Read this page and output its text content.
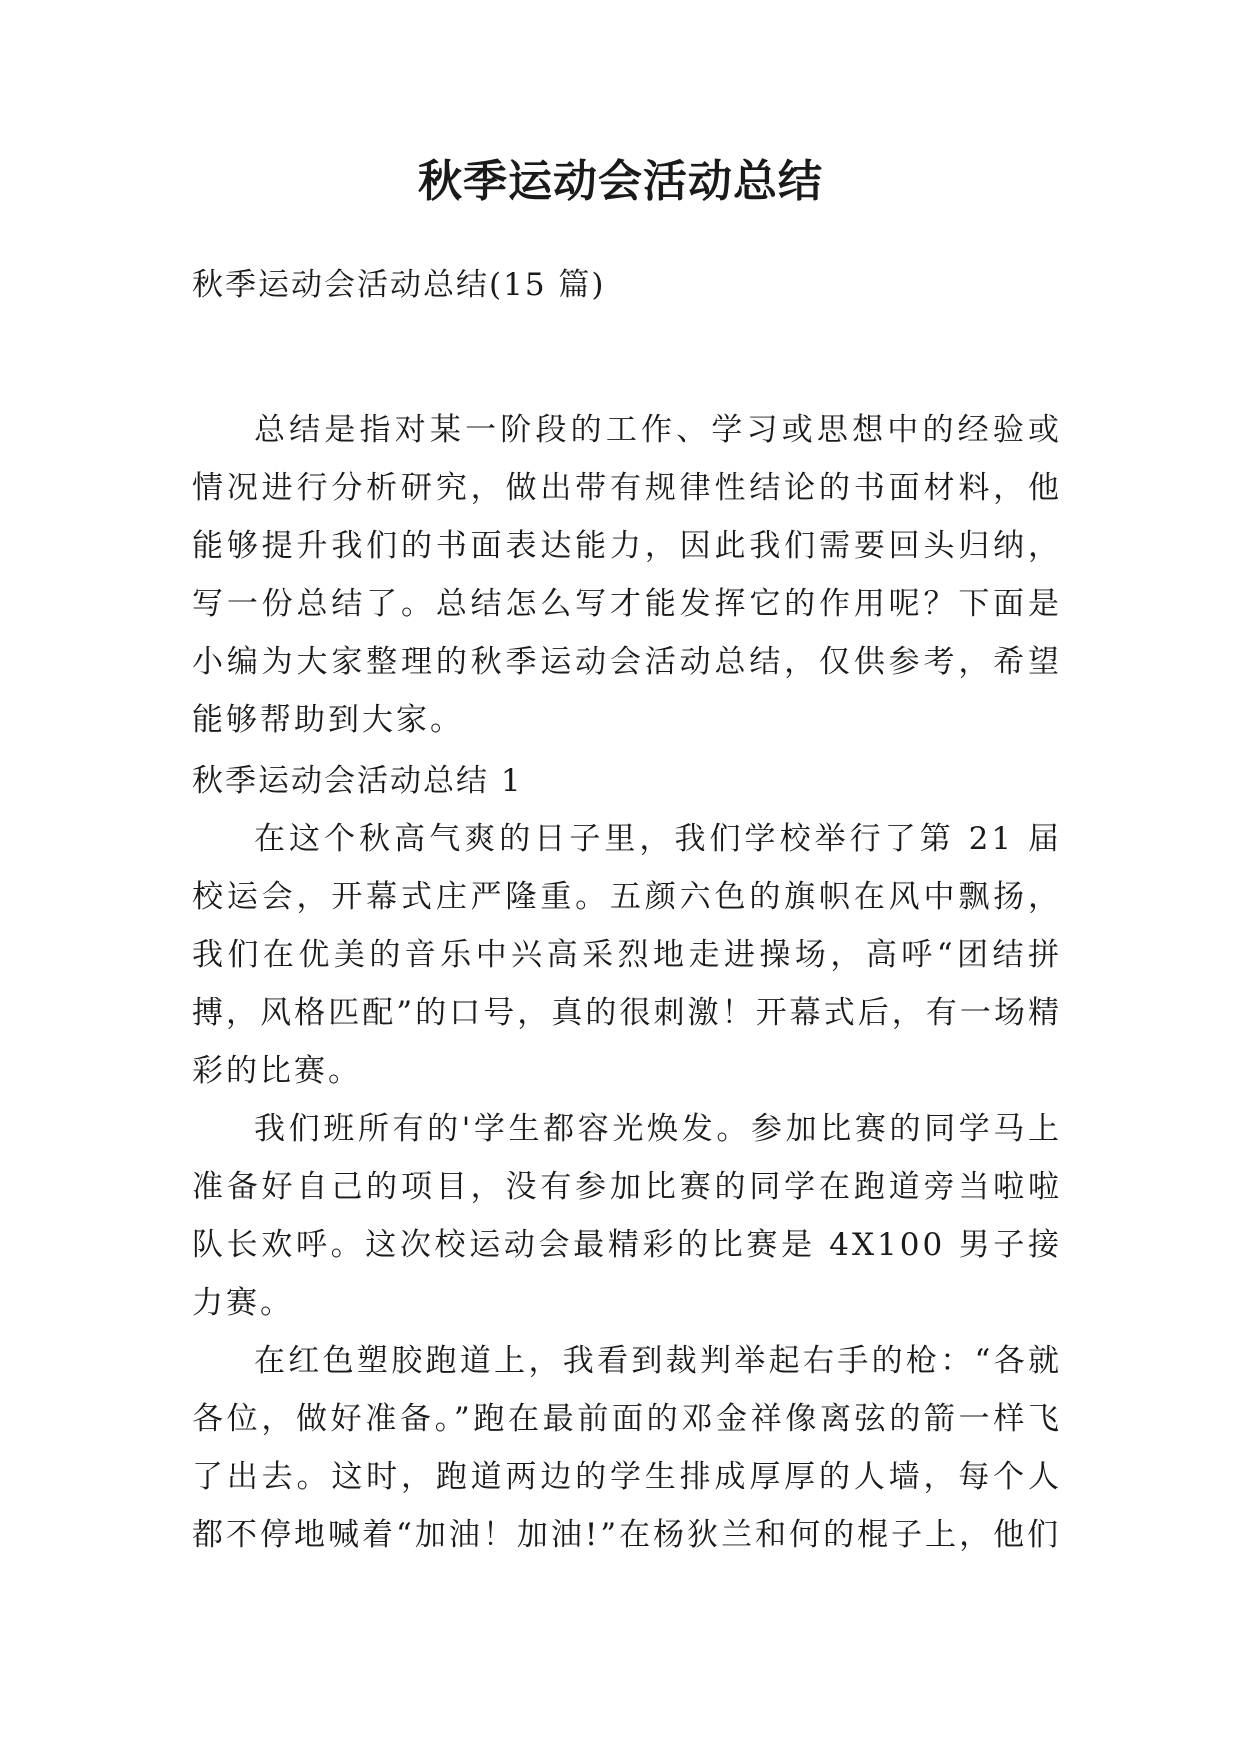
秋季运动会活动总结
秋季运动会活动总结(15 篇)

总结是指对某一阶段的工作、学习或思想中的经验或情况进行分析研究，做出带有规律性结论的书面材料，他能够提升我们的书面表达能力，因此我们需要回头归纳，写一份总结了。总结怎么写才能发挥它的作用呢？下面是小编为大家整理的秋季运动会活动总结，仅供参考，希望能够帮助到大家。

秋季运动会活动总结 1

在这个秋高气爽的日子里，我们学校举行了第 21 届校运会，开幕式庄严隆重。五颜六色的旗帜在风中飘扬，我们在优美的音乐中兴高采烈地走进操场，高呼“团结拼搏，风格匹配”的口号，真的很刺激！开幕式后，有一场精彩的比赛。

我们班所有的'学生都容光焕发。参加比赛的同学马上准备好自己的项目，没有参加比赛的同学在跑道旁当啦啦队长欢呼。这次校运动会最精彩的比赛是 4X100 男子接力赛。

在红色塑胶跑道上，我看到裁判举起右手的枪：“各就各位，做好准备。”跑在最前面的邓金祥像离弦的箭一样飞了出去。这时，跑道两边的学生排成厚厚的人墙，每个人都不停地喊着“加油！加油!”在杨狄兰和何的棍子上，他们
